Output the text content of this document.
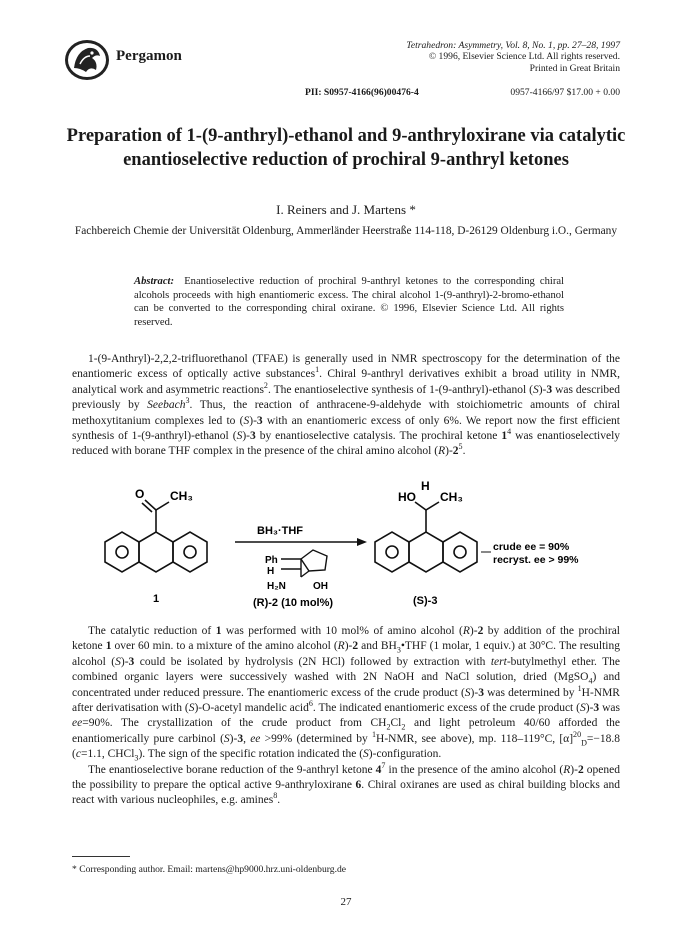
Pergamon
Tetrahedron: Asymmetry, Vol. 8, No. 1, pp. 27–28, 1997
© 1996, Elsevier Science Ltd. All rights reserved.
Printed in Great Britain
PII: S0957-4166(96)00476-4	0957-4166/97 $17.00 + 0.00
Preparation of 1-(9-anthryl)-ethanol and 9-anthryloxirane via catalytic enantioselective reduction of prochiral 9-anthryl ketones
I. Reiners and J. Martens *
Fachbereich Chemie der Universität Oldenburg, Ammerländer Heerstraße 114-118, D-26129 Oldenburg i.O., Germany
Abstract: Enantioselective reduction of prochiral 9-anthryl ketones to the corresponding chiral alcohols proceeds with high enantiomeric excess. The chiral alcohol 1-(9-anthryl)-2-bromo-ethanol can be converted to the corresponding chiral oxirane. © 1996, Elsevier Science Ltd. All rights reserved.
1-(9-Anthryl)-2,2,2-trifluorethanol (TFAE) is generally used in NMR spectroscopy for the determination of the enantiomeric excess of optically active substances$^1$. Chiral 9-anthryl derivatives exhibit a broad utility in NMR, analytical work and asymmetric reactions$^2$. The enantioselective synthesis of 1-(9-anthryl)-ethanol (S)-3 was described previously by Seebach$^3$. Thus, the reaction of anthracene-9-aldehyde with stoichiometric amounts of chiral methoxytitanium complexes led to (S)-3 with an enantiomeric excess of only 6%. We report now the first efficient synthesis of 1-(9-anthryl)-ethanol (S)-3 by enantioselective catalysis. The prochiral ketone $1^4$ was enantioselectively reduced with borane THF complex in the presence of the chiral amino alcohol $(R)-2^5$.
O CH₃
1
BH₃·THF
Ph
H
H₂N	OH
(R)-2 (10 mol%)
HO
H
CH₃
(S)-3
crude ee = 90%
recryst. ee > 99%
The catalytic reduction of 1 was performed with 10 mol% of amino alcohol (R)-2 by addition of the prochiral ketone 1 over 60 min. to a mixture of the amino alcohol (R)-2 and $BH_3•THF$ (1 molar, 1 equiv.) at 30°C. The resulting alcohol (S)-3 could be isolated by hydrolysis (2N HCl) followed by extraction with tert-butylmethyl ether. The combined organic layers were successively washed with 2N NaOH and NaCl solution, dried (MgSO$_4$) and concentrated under reduced pressure. The enantiomeric excess of the crude product (S)-3 was determined by $^1$H-NMR after derivatisation with (S)-O-acetyl mandelic acid$^6$. The indicated enantiomeric excess of the crude product (S)-3 was ee=90%. The crystallization of the crude product from $CH_2Cl_2$ and light petroleum 40/60 afforded the enantiomerically pure carbinol (S)-3, ee >99% (determined by $^1$H-NMR, see above), mp. 118–119°C, $[\alpha]^{20}_D=-18.8$ (c=1.1, CHCl$_3$). The sign of the specific rotation indicated the (S)-configuration.
The enantioselective borane reduction of the 9-anthryl ketone $4^7$ in the presence of the amino alcohol (R)-2 opened the possibility to prepare the optical active 9-anthryloxirane 6. Chiral oxiranes are used as chiral building blocks and react with various nucleophiles, e.g. amines$^8$.
* Corresponding author. Email: martens@hp9000.hrz.uni-oldenburg.de
27
